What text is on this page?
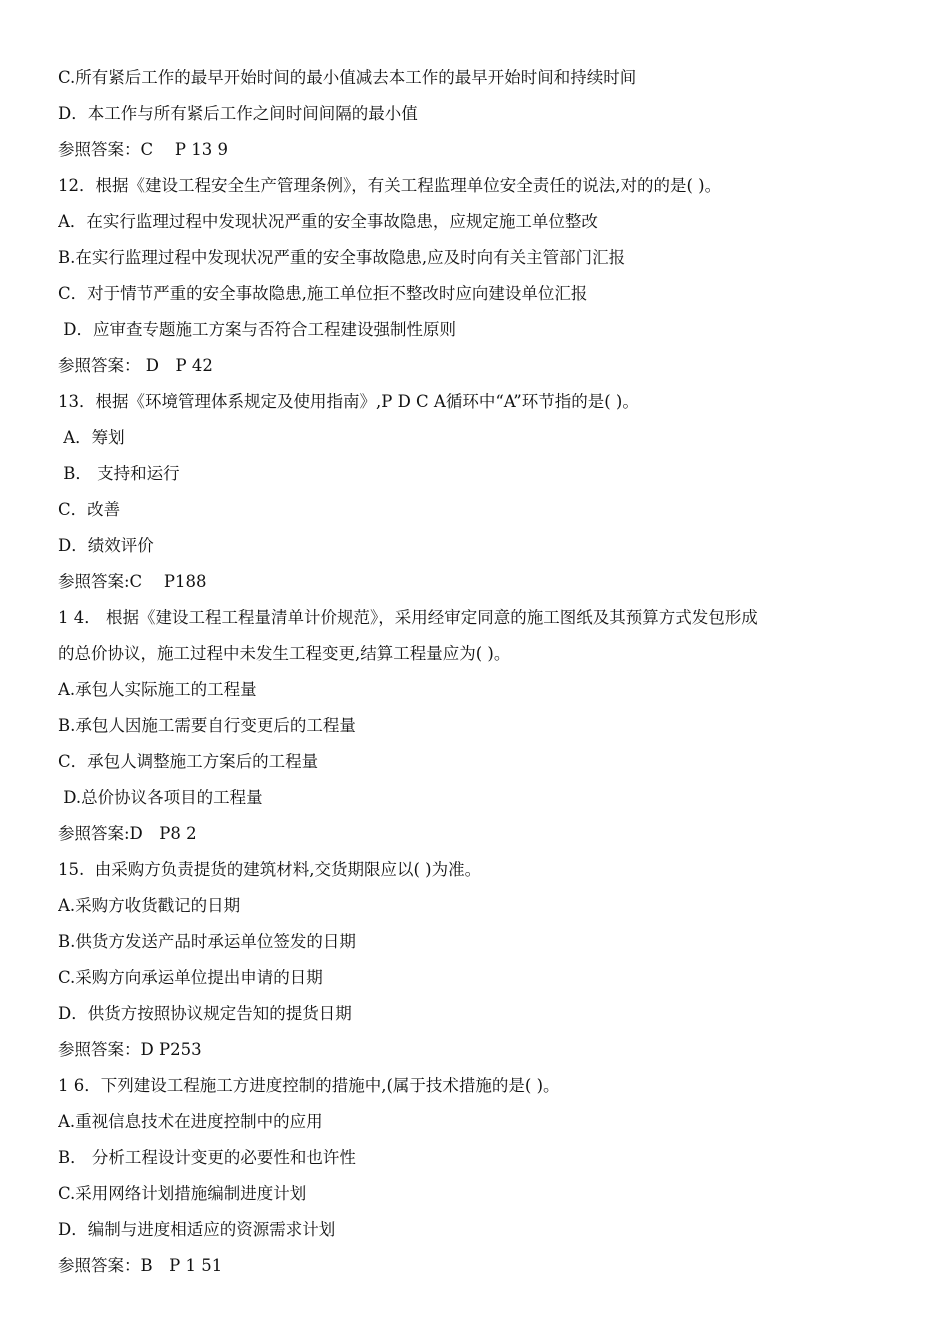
C.所有紧后工作的最早开始时间的最小值减去本工作的最早开始时间和持续时间
D．本工作与所有紧后工作之间时间间隔的最小值
参照答案：C　 P 13 9
12．根据《建设工程安全生产管理条例》，有关工程监理单位安全责任的说法,对的的是( )。
A．在实行监理过程中发现状况严重的安全事故隐患，应规定施工单位整改
B.在实行监理过程中发现状况严重的安全事故隐患,应及时向有关主管部门汇报
C．对于情节严重的安全事故隐患,施工单位拒不整改时应向建设单位汇报
D．应审查专题施工方案与否符合工程建设强制性原则
参照答案： D　P 42
13．根据《环境管理体系规定及使用指南》,P D C A循环中“A”环节指的是( )。
A．筹划
B． 支持和运行
C．改善
D．绩效评价
参照答案:C　 P188
1 4． 根据《建设工程工程量清单计价规范》，采用经审定同意的施工图纸及其预算方式发包形成
的总价协议，施工过程中未发生工程变更,结算工程量应为( )。
A.承包人实际施工的工程量
B.承包人因施工需要自行变更后的工程量
C．承包人调整施工方案后的工程量
D.总价协议各项目的工程量
参照答案:D　P8 2
15.  由采购方负责提货的建筑材料,交货期限应以( )为准。
A.采购方收货戳记的日期
B.供货方发送产品时承运单位签发的日期
C.采购方向承运单位提出申请的日期
D．供货方按照协议规定告知的提货日期
参照答案：D P253
1 6．下列建设工程施工方进度控制的措施中,(属于技术措施的是( )。
A.重视信息技术在进度控制中的应用
B． 分析工程设计变更的必要性和也许性
C.采用网络计划措施编制进度计划
D．编制与进度相适应的资源需求计划
参照答案：B　P 1 51
